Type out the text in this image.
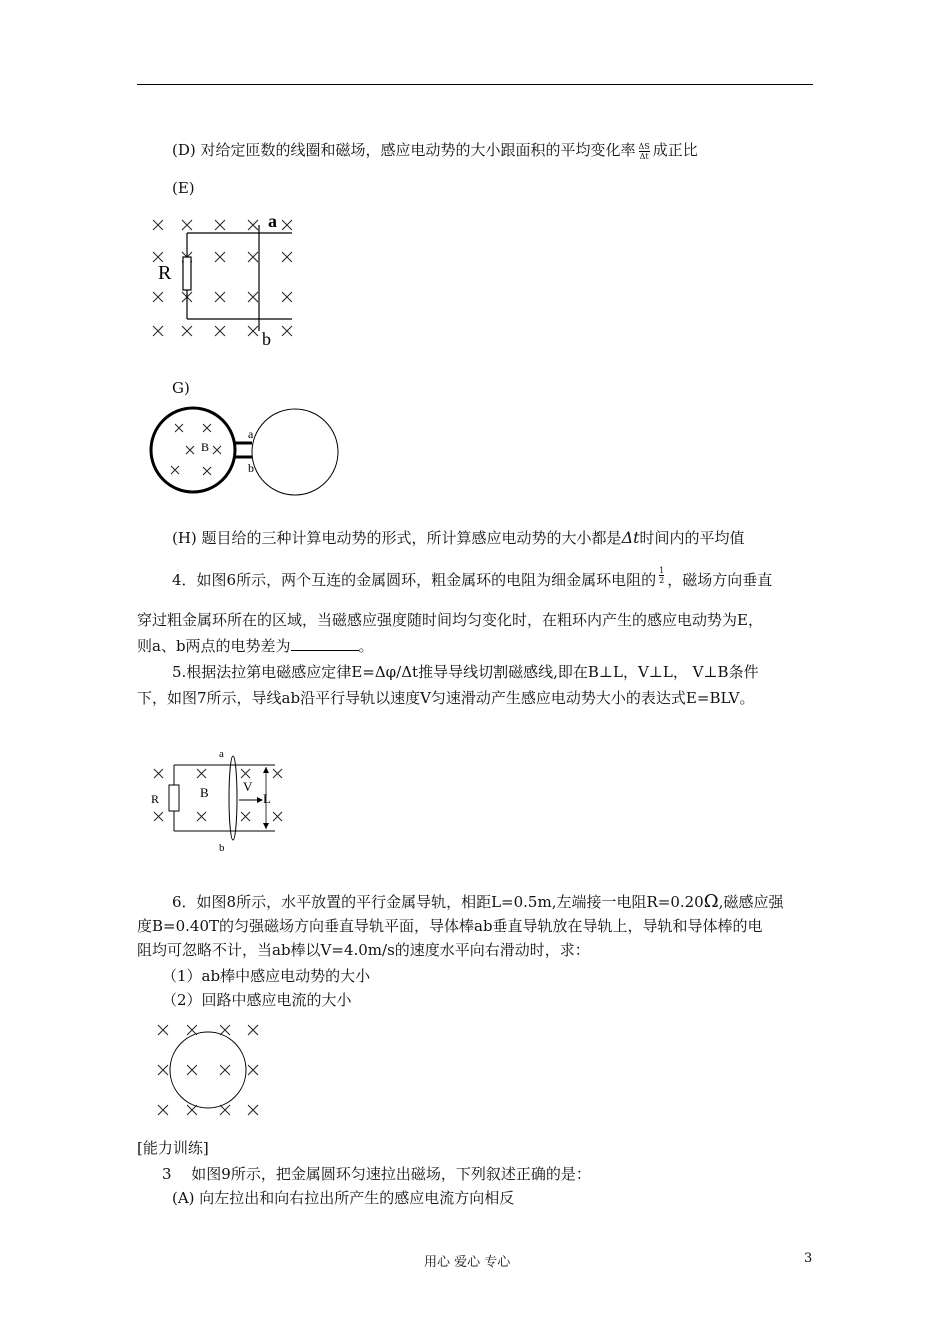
(D) 对给定匝数的线圈和磁场，感应电动势的大小跟面积的平均变化率 $\frac{\Delta S}{\Delta t}$ 成正比
(E)
a
b
R
G)
a
b
B
(H) 题目给的三种计算电动势的形式，所计算感应电动势的大小都是Δt时间内的平均值
4．如图6所示，两个互连的金属圆环，粗金属环的电阻为细金属环电阻的 $\frac{1}{2}$ ，磁场方向垂直
穿过粗金属环所在的区域，当磁感应强度随时间均匀变化时，在粗环内产生的感应电动势为E，
则a、b两点的电势差为	。
5.根据法拉第电磁感应定律E=Δφ/Δt推导导线切割磁感线,即在B⊥L，V⊥L， V⊥B条件
下，如图7所示，导线ab沿平行导轨以速度V匀速滑动产生感应电动势大小的表达式E=BLV。
a
b
R	B	V
L
6．如图8所示，水平放置的平行金属导轨，相距L=0.5m,左端接一电阻R=0.20Ω,磁感应强
度B=0.40T的匀强磁场方向垂直导轨平面，导体棒ab垂直导轨放在导轨上，导轨和导体棒的电
阻均可忽略不计，当ab棒以V=4.0m/s的速度水平向右滑动时，求：
（1）ab棒中感应电动势的大小
（2）回路中感应电流的大小
[能力训练]
3　 如图9所示，把金属圆环匀速拉出磁场，下列叙述正确的是：
(A) 向左拉出和向右拉出所产生的感应电流方向相反
用心 爱心 专心	3
